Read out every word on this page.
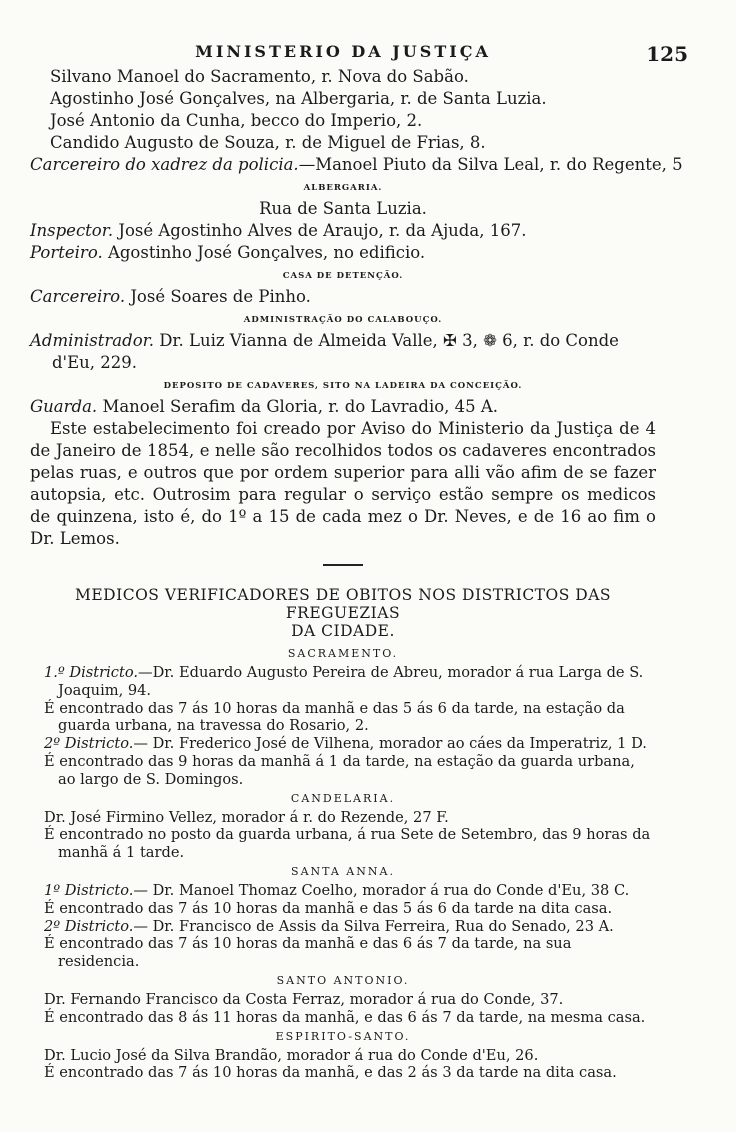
MINISTERIO DA JUSTIÇA	125
Silvano Manoel do Sacramento, r. Nova do Sabão.
Agostinho José Gonçalves, na Albergaria, r. de Santa Luzia.
José Antonio da Cunha, becco do Imperio, 2.
Candido Augusto de Souza, r. de Miguel de Frias, 8.
Carcereiro do xadrez da policia.—Manoel Piuto da Silva Leal, r. do Regente, 5
ALBERGARIA.
Rua de Santa Luzia.
Inspector. José Agostinho Alves de Araujo, r. da Ajuda, 167.
Porteiro. Agostinho José Gonçalves, no edificio.
CASA DE DETENÇÃO.
Carcereiro. José Soares de Pinho.
ADMINISTRAÇÃO DO CALABOUÇO.
Administrador. Dr. Luiz Vianna de Almeida Valle, ✠ 3, ❁ 6, r. do Conde d'Eu, 229.
DEPOSITO DE CADAVERES, SITO NA LADEIRA DA CONCEIÇÃO.
Guarda. Manoel Serafim da Gloria, r. do Lavradio, 45 A.
Este estabelecimento foi creado por Aviso do Ministerio da Justiça de 4 de Janeiro de 1854, e nelle são recolhidos todos os cadaveres encontrados pelas ruas, e outros que por ordem superior para alli vão afim de se fazer autopsia, etc. Outrosim para regular o serviço estão sempre os medicos de quinzena, isto é, do 1º a 15 de cada mez o Dr. Neves, e de 16 ao fim o Dr. Lemos.
MEDICOS VERIFICADORES DE OBITOS NOS DISTRICTOS DAS FREGUEZIAS
DA CIDADE.
SACRAMENTO.
1.º Districto.—Dr. Eduardo Augusto Pereira de Abreu, morador á rua Larga de S. Joaquim, 94.
É encontrado das 7 ás 10 horas da manhã e das 5 ás 6 da tarde, na estação da guarda urbana, na travessa do Rosario, 2.
2º Districto.— Dr. Frederico José de Vilhena, morador ao cáes da Imperatriz, 1 D.
É encontrado das 9 horas da manhã á 1 da tarde, na estação da guarda urbana, ao largo de S. Domingos.
CANDELARIA.
Dr. José Firmino Vellez, morador á r. do Rezende, 27 F.
É encontrado no posto da guarda urbana, á rua Sete de Setembro, das 9 horas da manhã á 1 tarde.
SANTA ANNA.
1º Districto.— Dr. Manoel Thomaz Coelho, morador á rua do Conde d'Eu, 38 C.
É encontrado das 7 ás 10 horas da manhã e das 5 ás 6 da tarde na dita casa.
2º Districto.— Dr. Francisco de Assis da Silva Ferreira, Rua do Senado, 23 A.
É encontrado das 7 ás 10 horas da manhã e das 6 ás 7 da tarde, na sua residencia.
SANTO ANTONIO.
Dr. Fernando Francisco da Costa Ferraz, morador á rua do Conde, 37.
É encontrado das 8 ás 11 horas da manhã, e das 6 ás 7 da tarde, na mesma casa.
ESPIRITO-SANTO.
Dr. Lucio José da Silva Brandão, morador á rua do Conde d'Eu, 26.
É encontrado das 7 ás 10 horas da manhã, e das 2 ás 3 da tarde na dita casa.
